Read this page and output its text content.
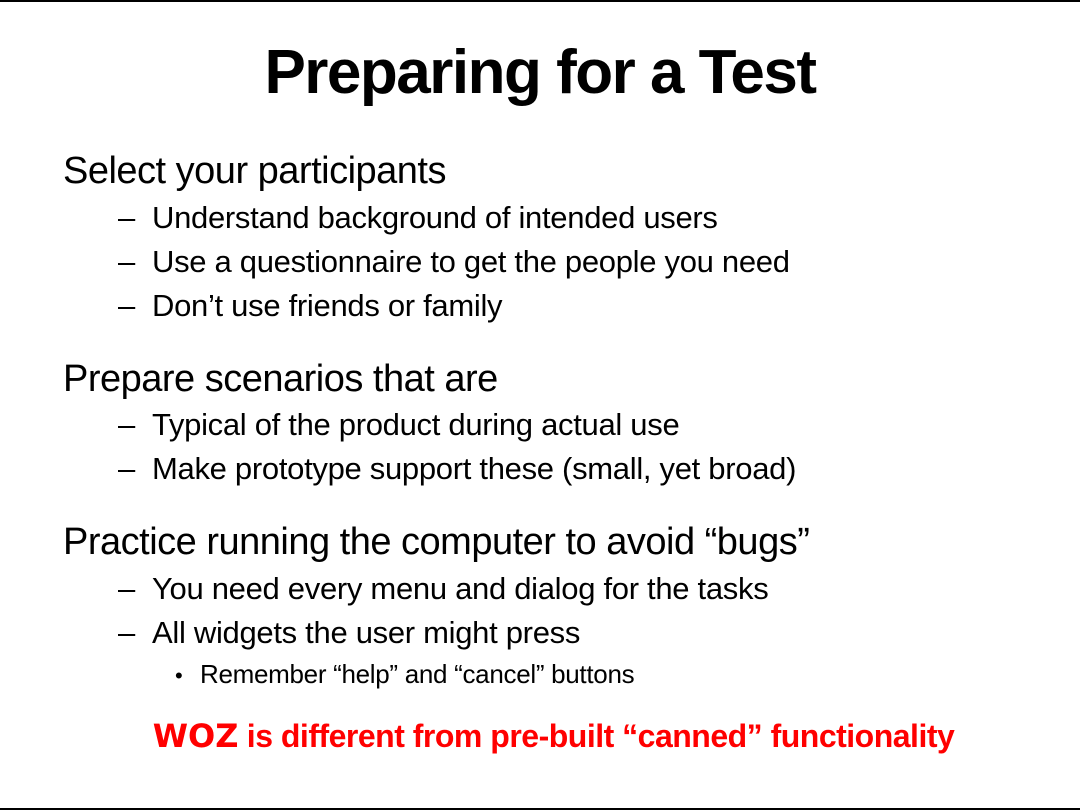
Preparing for a Test
Select your participants
– Understand background of intended users
– Use a questionnaire to get the people you need
– Don’t use friends or family
Prepare scenarios that are
– Typical of the product during actual use
– Make prototype support these (small, yet broad)
Practice running the computer to avoid “bugs”
– You need every menu and dialog for the tasks
– All widgets the user might press
• Remember “help” and “cancel” buttons
WOZ is different from pre-built “canned” functionality
